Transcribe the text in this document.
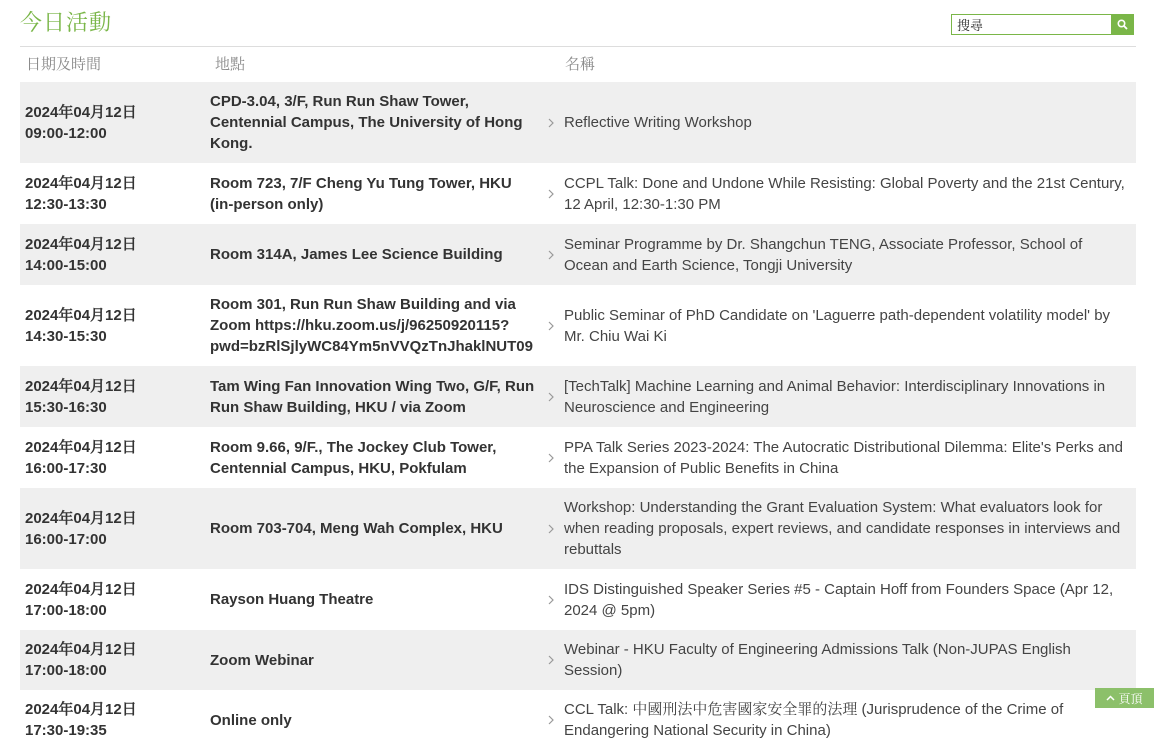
今日活動
搜尋
日期及時間	地點	名稱
2024年04月12日
09:00-12:00
CPD-3.04, 3/F, Run Run Shaw Tower, Centennial Campus, The University of Hong Kong.
Reflective Writing Workshop
2024年04月12日
12:30-13:30
Room 723, 7/F Cheng Yu Tung Tower, HKU (in-person only)
CCPL Talk: Done and Undone While Resisting: Global Poverty and the 21st Century, 12 April, 12:30-1:30 PM
2024年04月12日
14:00-15:00
Room 314A, James Lee Science Building
Seminar Programme by Dr. Shangchun TENG, Associate Professor, School of Ocean and Earth Science, Tongji University
2024年04月12日
14:30-15:30
Room 301, Run Run Shaw Building and via Zoom https://hku.zoom.us/j/96250920115?pwd=bzRlSjlyWC84Ym5nVVQzTnJhaklNUT09
Public Seminar of PhD Candidate on 'Laguerre path-dependent volatility model' by Mr. Chiu Wai Ki
2024年04月12日
15:30-16:30
Tam Wing Fan Innovation Wing Two, G/F, Run Run Shaw Building, HKU / via Zoom
[TechTalk] Machine Learning and Animal Behavior: Interdisciplinary Innovations in Neuroscience and Engineering
2024年04月12日
16:00-17:30
Room 9.66, 9/F., The Jockey Club Tower, Centennial Campus, HKU, Pokfulam
PPA Talk Series 2023-2024: The Autocratic Distributional Dilemma: Elite's Perks and the Expansion of Public Benefits in China
2024年04月12日
16:00-17:00
Room 703-704, Meng Wah Complex, HKU
Workshop: Understanding the Grant Evaluation System: What evaluators look for when reading proposals, expert reviews, and candidate responses in interviews and rebuttals
2024年04月12日
17:00-18:00
Rayson Huang Theatre
IDS Distinguished Speaker Series #5 - Captain Hoff from Founders Space (Apr 12, 2024 @ 5pm)
2024年04月12日
17:00-18:00
Zoom Webinar
Webinar - HKU Faculty of Engineering Admissions Talk (Non-JUPAS English Session)
2024年04月12日
17:30-19:35
Online only
CCL Talk: 中國刑法中危害國家安全罪的法理 (Jurisprudence of the Crime of Endangering National Security in China)
頁頂
